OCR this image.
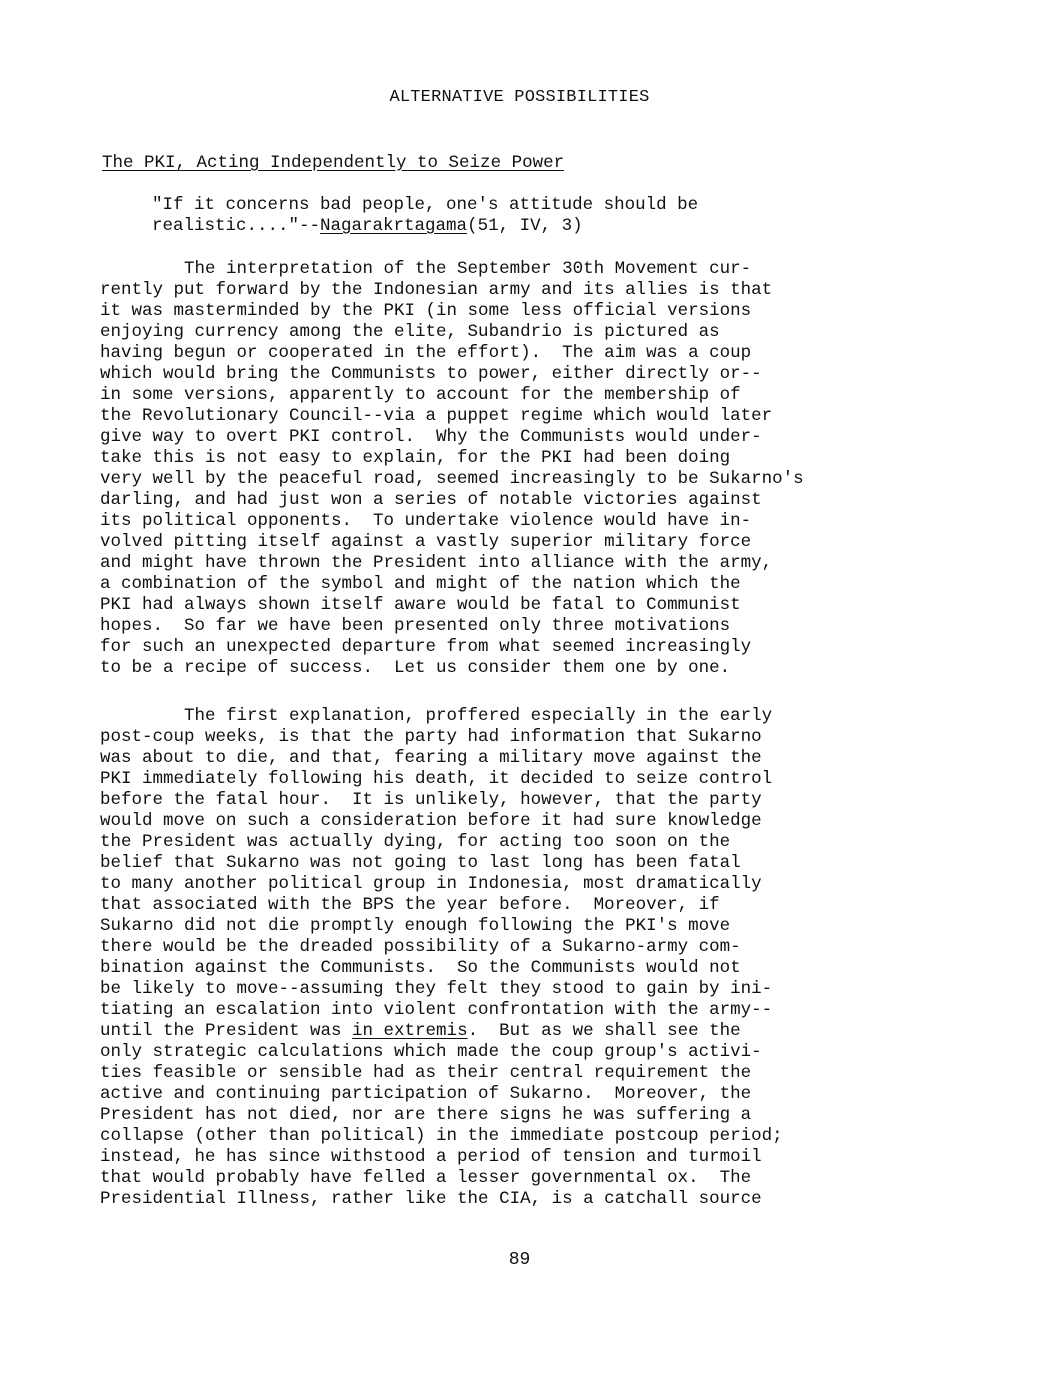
ALTERNATIVE POSSIBILITIES
The PKI, Acting Independently to Seize Power
"If it concerns bad people, one's attitude should be
realistic...."--Nagarakrtagama(51, IV, 3)
The interpretation of the September 30th Movement cur-
rently put forward by the Indonesian army and its allies is that
it was masterminded by the PKI (in some less official versions
enjoying currency among the elite, Subandrio is pictured as
having begun or cooperated in the effort).  The aim was a coup
which would bring the Communists to power, either directly or--
in some versions, apparently to account for the membership of
the Revolutionary Council--via a puppet regime which would later
give way to overt PKI control.  Why the Communists would under-
take this is not easy to explain, for the PKI had been doing
very well by the peaceful road, seemed increasingly to be Sukarno's
darling, and had just won a series of notable victories against
its political opponents.  To undertake violence would have in-
volved pitting itself against a vastly superior military force
and might have thrown the President into alliance with the army,
a combination of the symbol and might of the nation which the
PKI had always shown itself aware would be fatal to Communist
hopes.  So far we have been presented only three motivations
for such an unexpected departure from what seemed increasingly
to be a recipe of success.  Let us consider them one by one.
The first explanation, proffered especially in the early
post-coup weeks, is that the party had information that Sukarno
was about to die, and that, fearing a military move against the
PKI immediately following his death, it decided to seize control
before the fatal hour.  It is unlikely, however, that the party
would move on such a consideration before it had sure knowledge
the President was actually dying, for acting too soon on the
belief that Sukarno was not going to last long has been fatal
to many another political group in Indonesia, most dramatically
that associated with the BPS the year before.  Moreover, if
Sukarno did not die promptly enough following the PKI's move
there would be the dreaded possibility of a Sukarno-army com-
bination against the Communists.  So the Communists would not
be likely to move--assuming they felt they stood to gain by ini-
tiating an escalation into violent confrontation with the army--
until the President was in extremis.  But as we shall see the
only strategic calculations which made the coup group's activi-
ties feasible or sensible had as their central requirement the
active and continuing participation of Sukarno.  Moreover, the
President has not died, nor are there signs he was suffering a
collapse (other than political) in the immediate postcoup period;
instead, he has since withstood a period of tension and turmoil
that would probably have felled a lesser governmental ox.  The
Presidential Illness, rather like the CIA, is a catchall source
89
